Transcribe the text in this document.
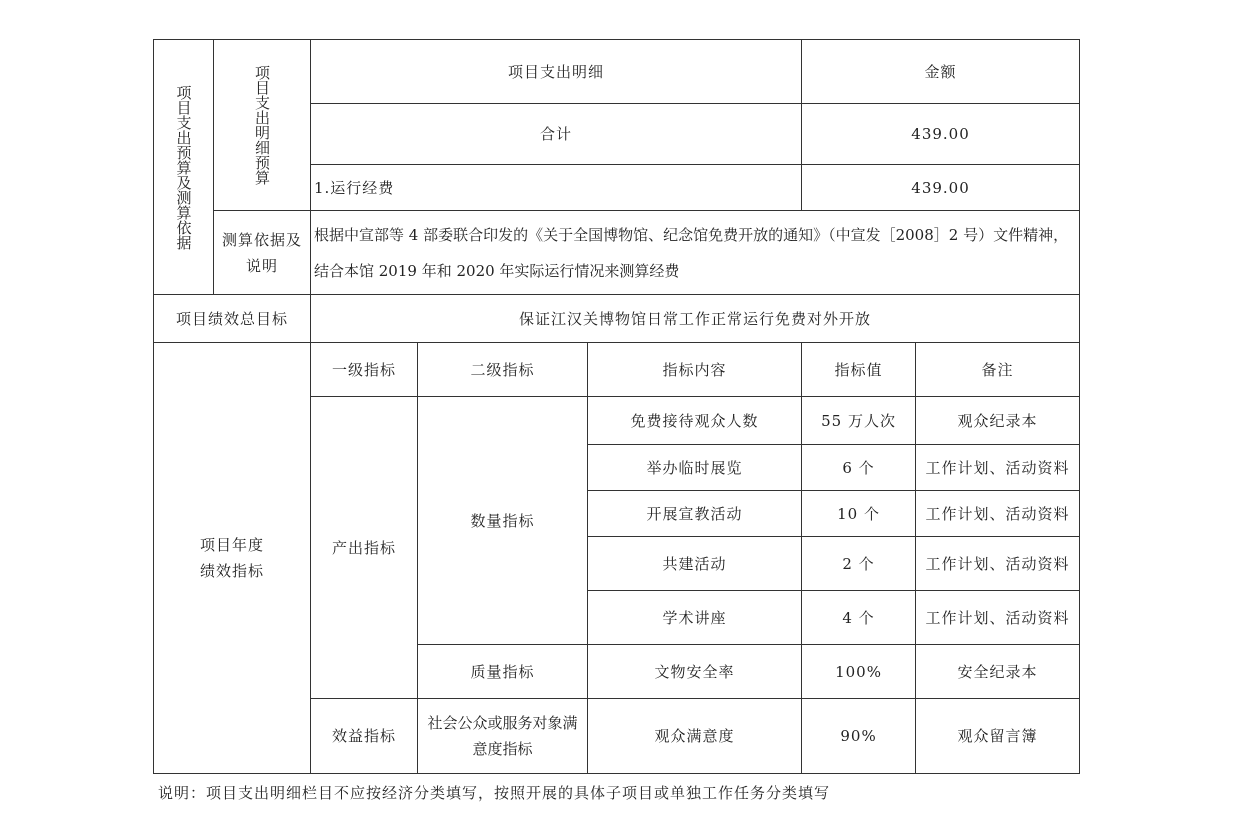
项目支出预算及测算依据	项目支出明细预算	项目支出明细			金额	
		合计			439.00	
		1.运行经费			439.00	
	测算依据及说明	根据中宣部等 4 部委联合印发的《关于全国博物馆、纪念馆免费开放的通知》（中宣发［2008］2 号）文件精神，结合本馆 2019 年和 2020 年实际运行情况来测算经费				
项目绩效总目标		保证江汉关博物馆日常工作正常运行免费对外开放				
项目年度绩效指标		一级指标	二级指标	指标内容	指标值	备注
		产出指标	数量指标	免费接待观众人数	55 万人次	观众纪录本
				举办临时展览	6 个	工作计划、活动资料
				开展宣教活动	10 个	工作计划、活动资料
				共建活动	2 个	工作计划、活动资料
				学术讲座	4 个	工作计划、活动资料
			质量指标	文物安全率	100%	安全纪录本
		效益指标	社会公众或服务对象满意度指标	观众满意度	90%	观众留言簿
说明：项目支出明细栏目不应按经济分类填写，按照开展的具体子项目或单独工作任务分类填写
